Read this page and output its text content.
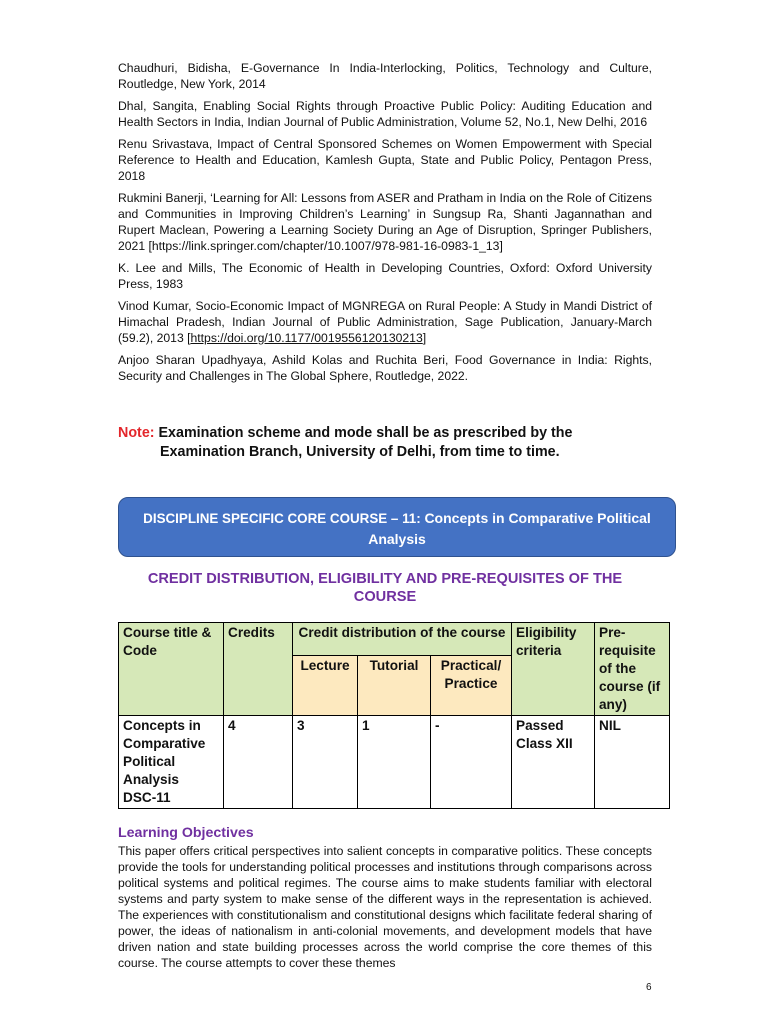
Chaudhuri, Bidisha, E-Governance In India-Interlocking, Politics, Technology and Culture, Routledge, New York, 2014

Dhal, Sangita, Enabling Social Rights through Proactive Public Policy: Auditing Education and Health Sectors in India, Indian Journal of Public Administration, Volume 52, No.1, New Delhi, 2016

Renu Srivastava, Impact of Central Sponsored Schemes on Women Empowerment with Special Reference to Health and Education, Kamlesh Gupta, State and Public Policy, Pentagon Press, 2018

Rukmini Banerji, ‘Learning for All: Lessons from ASER and Pratham in India on the Role of Citizens and Communities in Improving Children’s Learning’ in Sungsup Ra, Shanti Jagannathan and Rupert Maclean, Powering a Learning Society During an Age of Disruption, Springer Publishers, 2021 [https://link.springer.com/chapter/10.1007/978-981-16-0983-1_13]

K. Lee and Mills, The Economic of Health in Developing Countries, Oxford: Oxford University Press, 1983

Vinod Kumar, Socio-Economic Impact of MGNREGA on Rural People: A Study in Mandi District of Himachal Pradesh, Indian Journal of Public Administration, Sage Publication, January-March (59.2), 2013 [https://doi.org/10.1177/0019556120130213]

Anjoo Sharan Upadhyaya, Ashild Kolas and Ruchita Beri, Food Governance in India: Rights, Security and Challenges in The Global Sphere, Routledge, 2022.

Note: Examination scheme and mode shall be as prescribed by the
Examination Branch, University of Delhi, from time to time.
DISCIPLINE SPECIFIC CORE COURSE – 11: Concepts in Comparative Political Analysis
CREDIT DISTRIBUTION, ELIGIBILITY AND PRE-REQUISITES OF THE COURSE
Course title & Code	Credits	Credit distribution of the course			Eligibility criteria	Pre-requisite of the course (if any)
		Lecture	Tutorial	Practical/ Practice		

Concepts in Comparative Political Analysis
DSC-11	4	3	1	-	Passed Class XII	NIL
Learning Objectives
This paper offers critical perspectives into salient concepts in comparative politics. These concepts provide the tools for understanding political processes and institutions through comparisons across political systems and political regimes. The course aims to make students familiar with electoral systems and party system to make sense of the different ways in the representation is achieved. The experiences with constitutionalism and constitutional designs which facilitate federal sharing of power, the ideas of nationalism in anti-colonial movements, and development models that have driven nation and state building processes across the world comprise the core themes of this course. The course attempts to cover these themes
6
